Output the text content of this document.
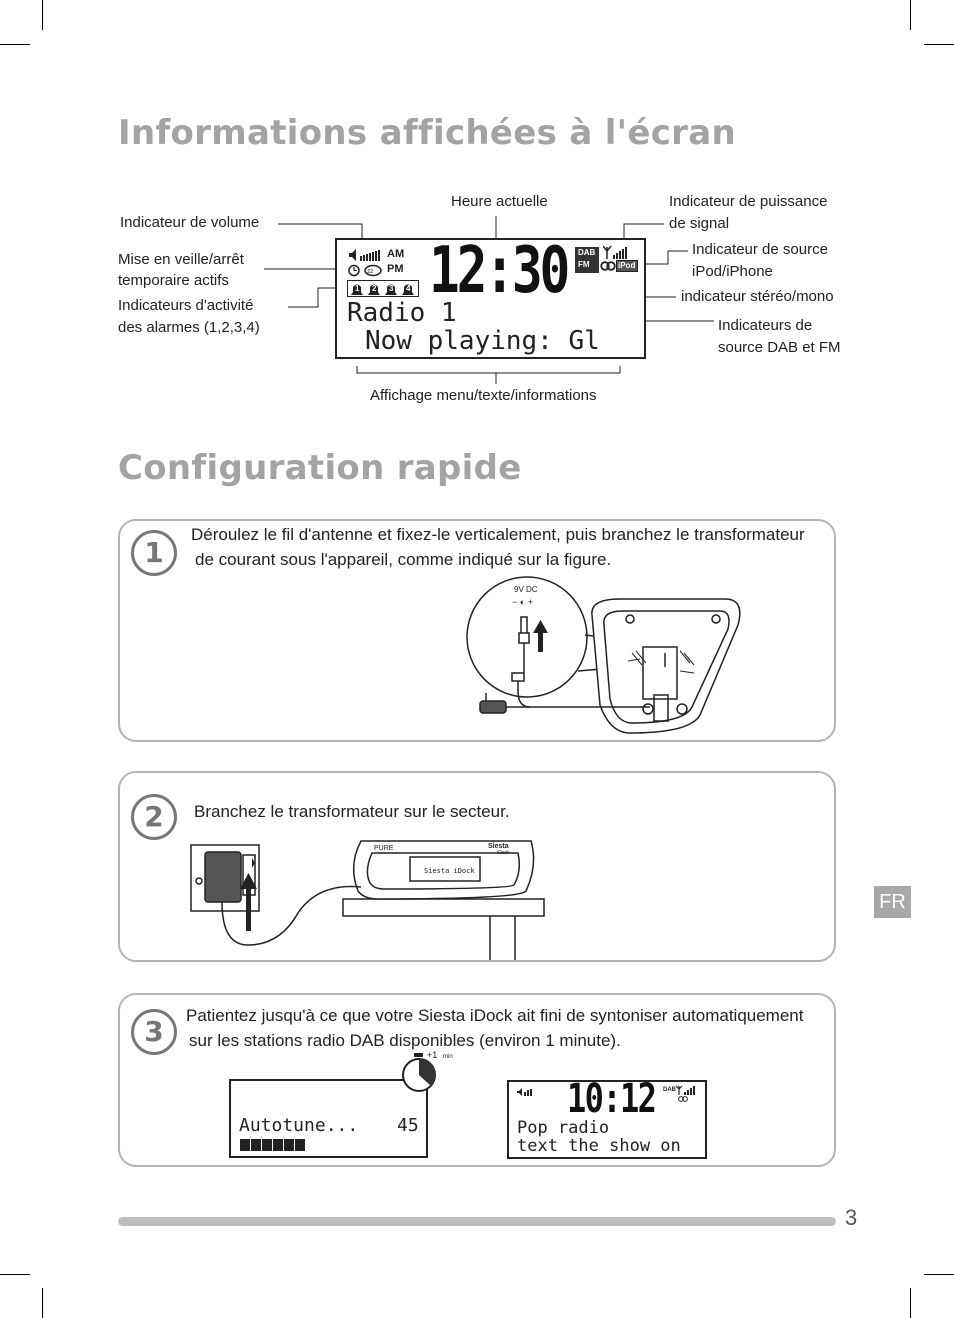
Informations affichées à l'écran
Indicateur de volume
Mise en veille/arrêt
temporaire actifs
Indicateurs d'activité
des alarmes (1,2,3,4)
Heure actuelle	Indicateur de puissance
de signal
Indicateur de source
iPod/iPhone
indicateur stéréo/mono
Indicateurs de
source DAB et FM
Affichage menu/texte/informations
AM
zz PM
1 2 3 4 12:30 DAB
FM	iPod
Radio 1
Now playing: Gl
Configuration rapide
1
Déroulez le fil d'antenne et fixez-le verticalement, puis branchez le transformateur
de courant sous l'appareil, comme indiqué sur la figure.
9V DC
− ◐ +
2	Branchez le transformateur sur le secteur.
PURE	Siesta
iDock
Siesta iDock
FR
3	Patientez jusqu'à ce que votre Siesta iDock ait fini de syntoniser automatiquement
sur les stations radio DAB disponibles (environ 1 minute).
Autotune... 45
+1 min
10:12 DAB
Pop radio
text the show on
3
